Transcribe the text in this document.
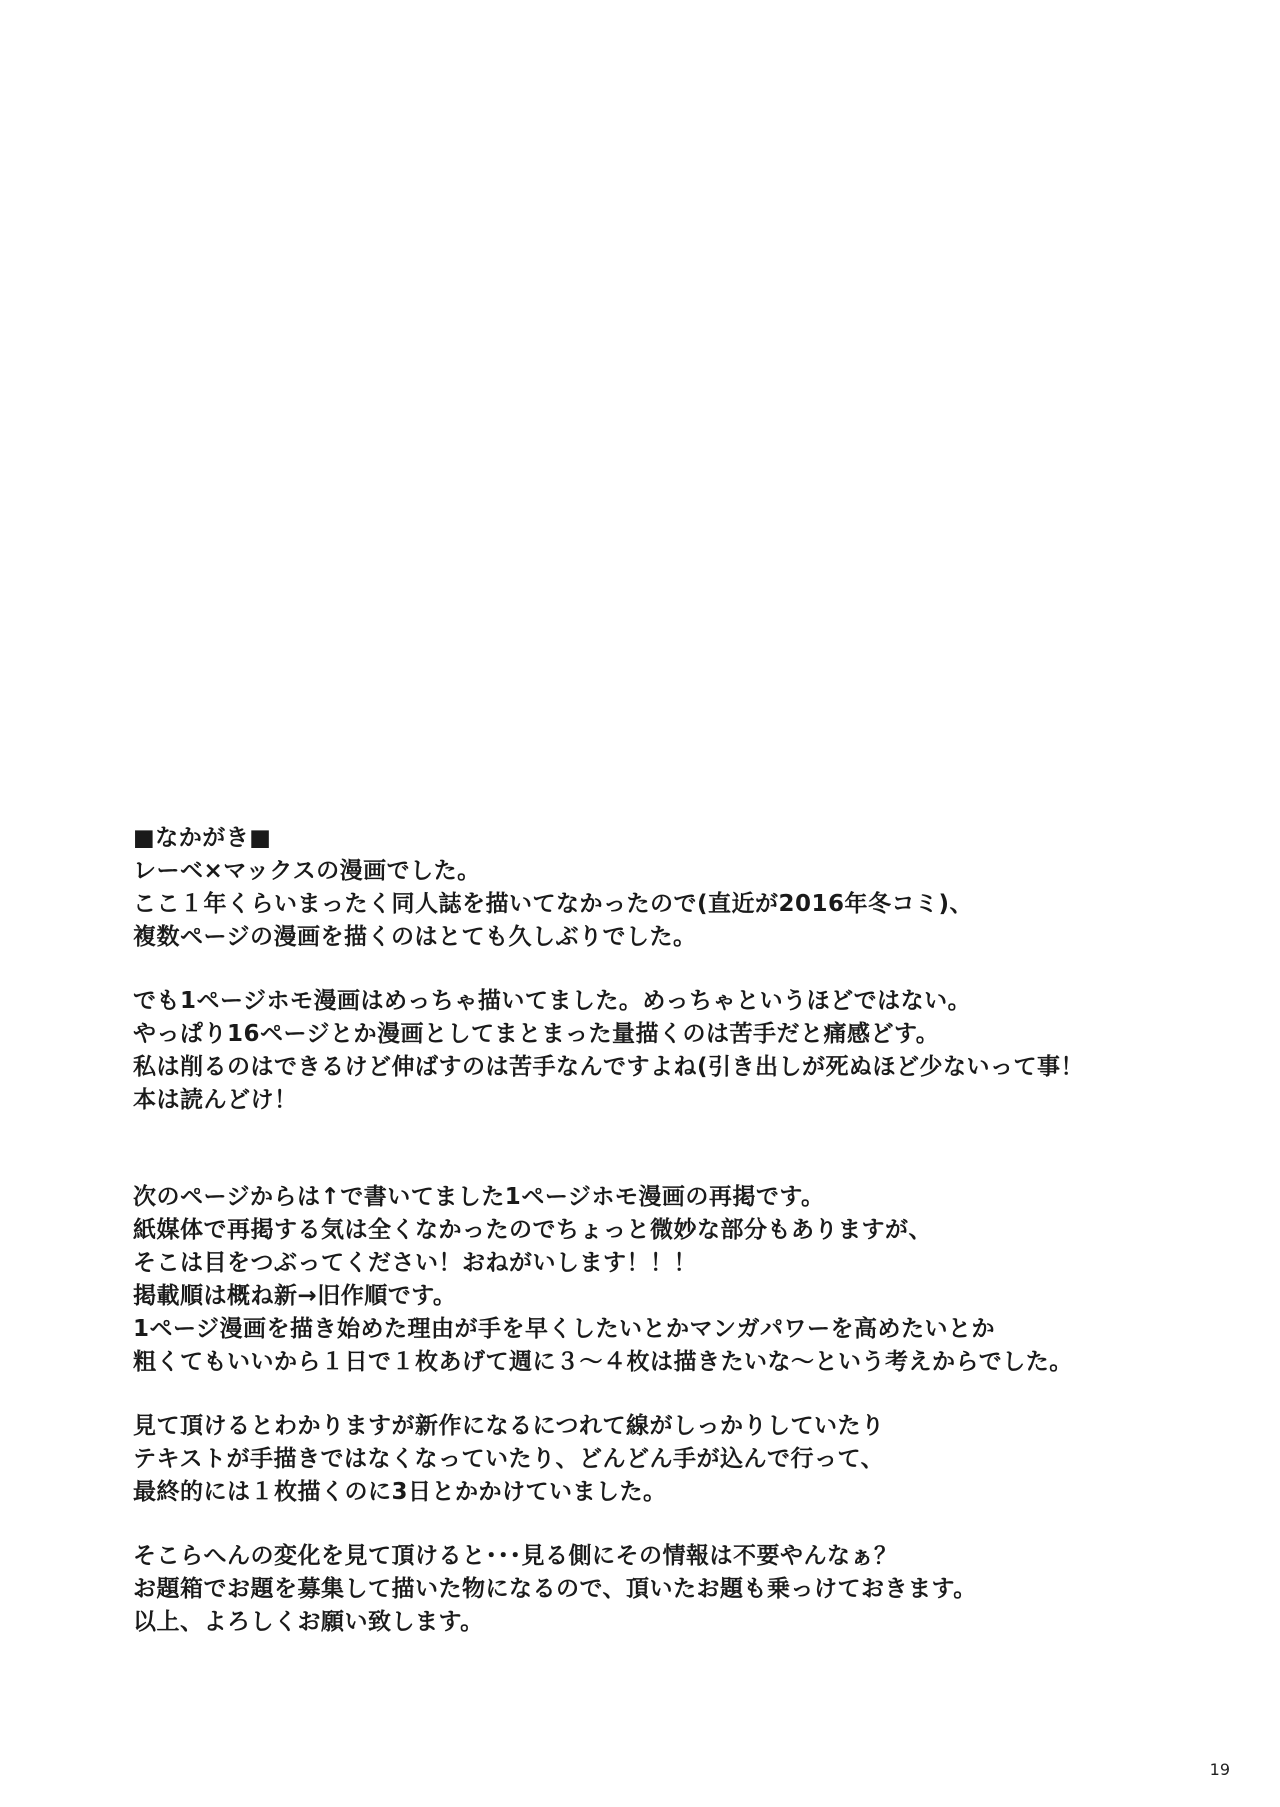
■なかがき■
レーベ×マックスの漫画でした。
ここ１年くらいまったく同人誌を描いてなかったので(直近が2016年冬コミ)、
複数ページの漫画を描くのはとても久しぶりでした。
でも1ページホモ漫画はめっちゃ描いてました。めっちゃというほどではない。
やっぱり16ページとか漫画としてまとまった量描くのは苦手だと痛感どす。
私は削るのはできるけど伸ばすのは苦手なんですよね(引き出しが死ぬほど少ないって事！
本は読んどけ！
次のページからは↑で書いてました1ページホモ漫画の再掲です。
紙媒体で再掲する気は全くなかったのでちょっと微妙な部分もありますが、
そこは目をつぶってください！おねがいします！！！
掲載順は概ね新→旧作順です。
1ページ漫画を描き始めた理由が手を早くしたいとかマンガパワーを高めたいとか
粗くてもいいから１日で１枚あげて週に３～４枚は描きたいな～という考えからでした。
見て頂けるとわかりますが新作になるにつれて線がしっかりしていたり
テキストが手描きではなくなっていたり、どんどん手が込んで行って、
最終的には１枚描くのに3日とかかけていました。
そこらへんの変化を見て頂けると･･･見る側にその情報は不要やんなぁ？
お題箱でお題を募集して描いた物になるので、頂いたお題も乗っけておきます。
以上、よろしくお願い致します。
19
